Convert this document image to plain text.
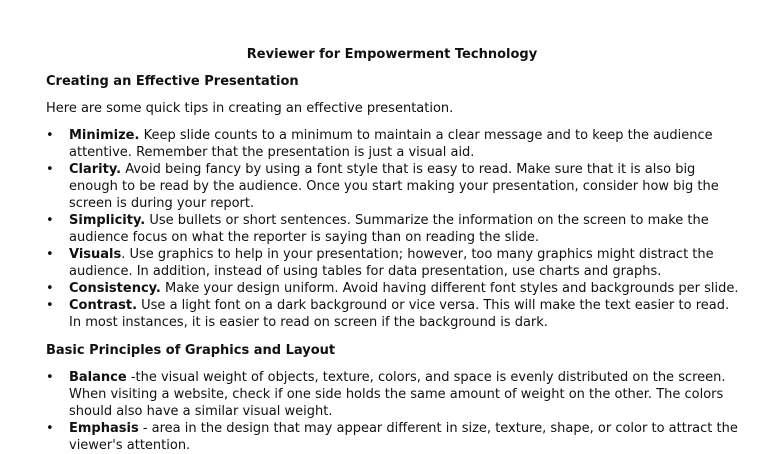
Reviewer for Empowerment Technology
Creating an Effective Presentation
Here are some quick tips in creating an effective presentation.
• Minimize. Keep slide counts to a minimum to maintain a clear message and to keep the audience attentive. Remember that the presentation is just a visual aid.
• Clarity. Avoid being fancy by using a font style that is easy to read. Make sure that it is also big enough to be read by the audience. Once you start making your presentation, consider how big the screen is during your report.
• Simplicity. Use bullets or short sentences. Summarize the information on the screen to make the audience focus on what the reporter is saying than on reading the slide.
• Visuals. Use graphics to help in your presentation; however, too many graphics might distract the audience. In addition, instead of using tables for data presentation, use charts and graphs.
• Consistency. Make your design uniform. Avoid having different font styles and backgrounds per slide.
• Contrast. Use a light font on a dark background or vice versa. This will make the text easier to read. In most instances, it is easier to read on screen if the background is dark.
Basic Principles of Graphics and Layout
• Balance -the visual weight of objects, texture, colors, and space is evenly distributed on the screen. When visiting a website, check if one side holds the same amount of weight on the other. The colors should also have a similar visual weight.
• Emphasis - area in the design that may appear different in size, texture, shape, or color to attract the viewer's attention.
